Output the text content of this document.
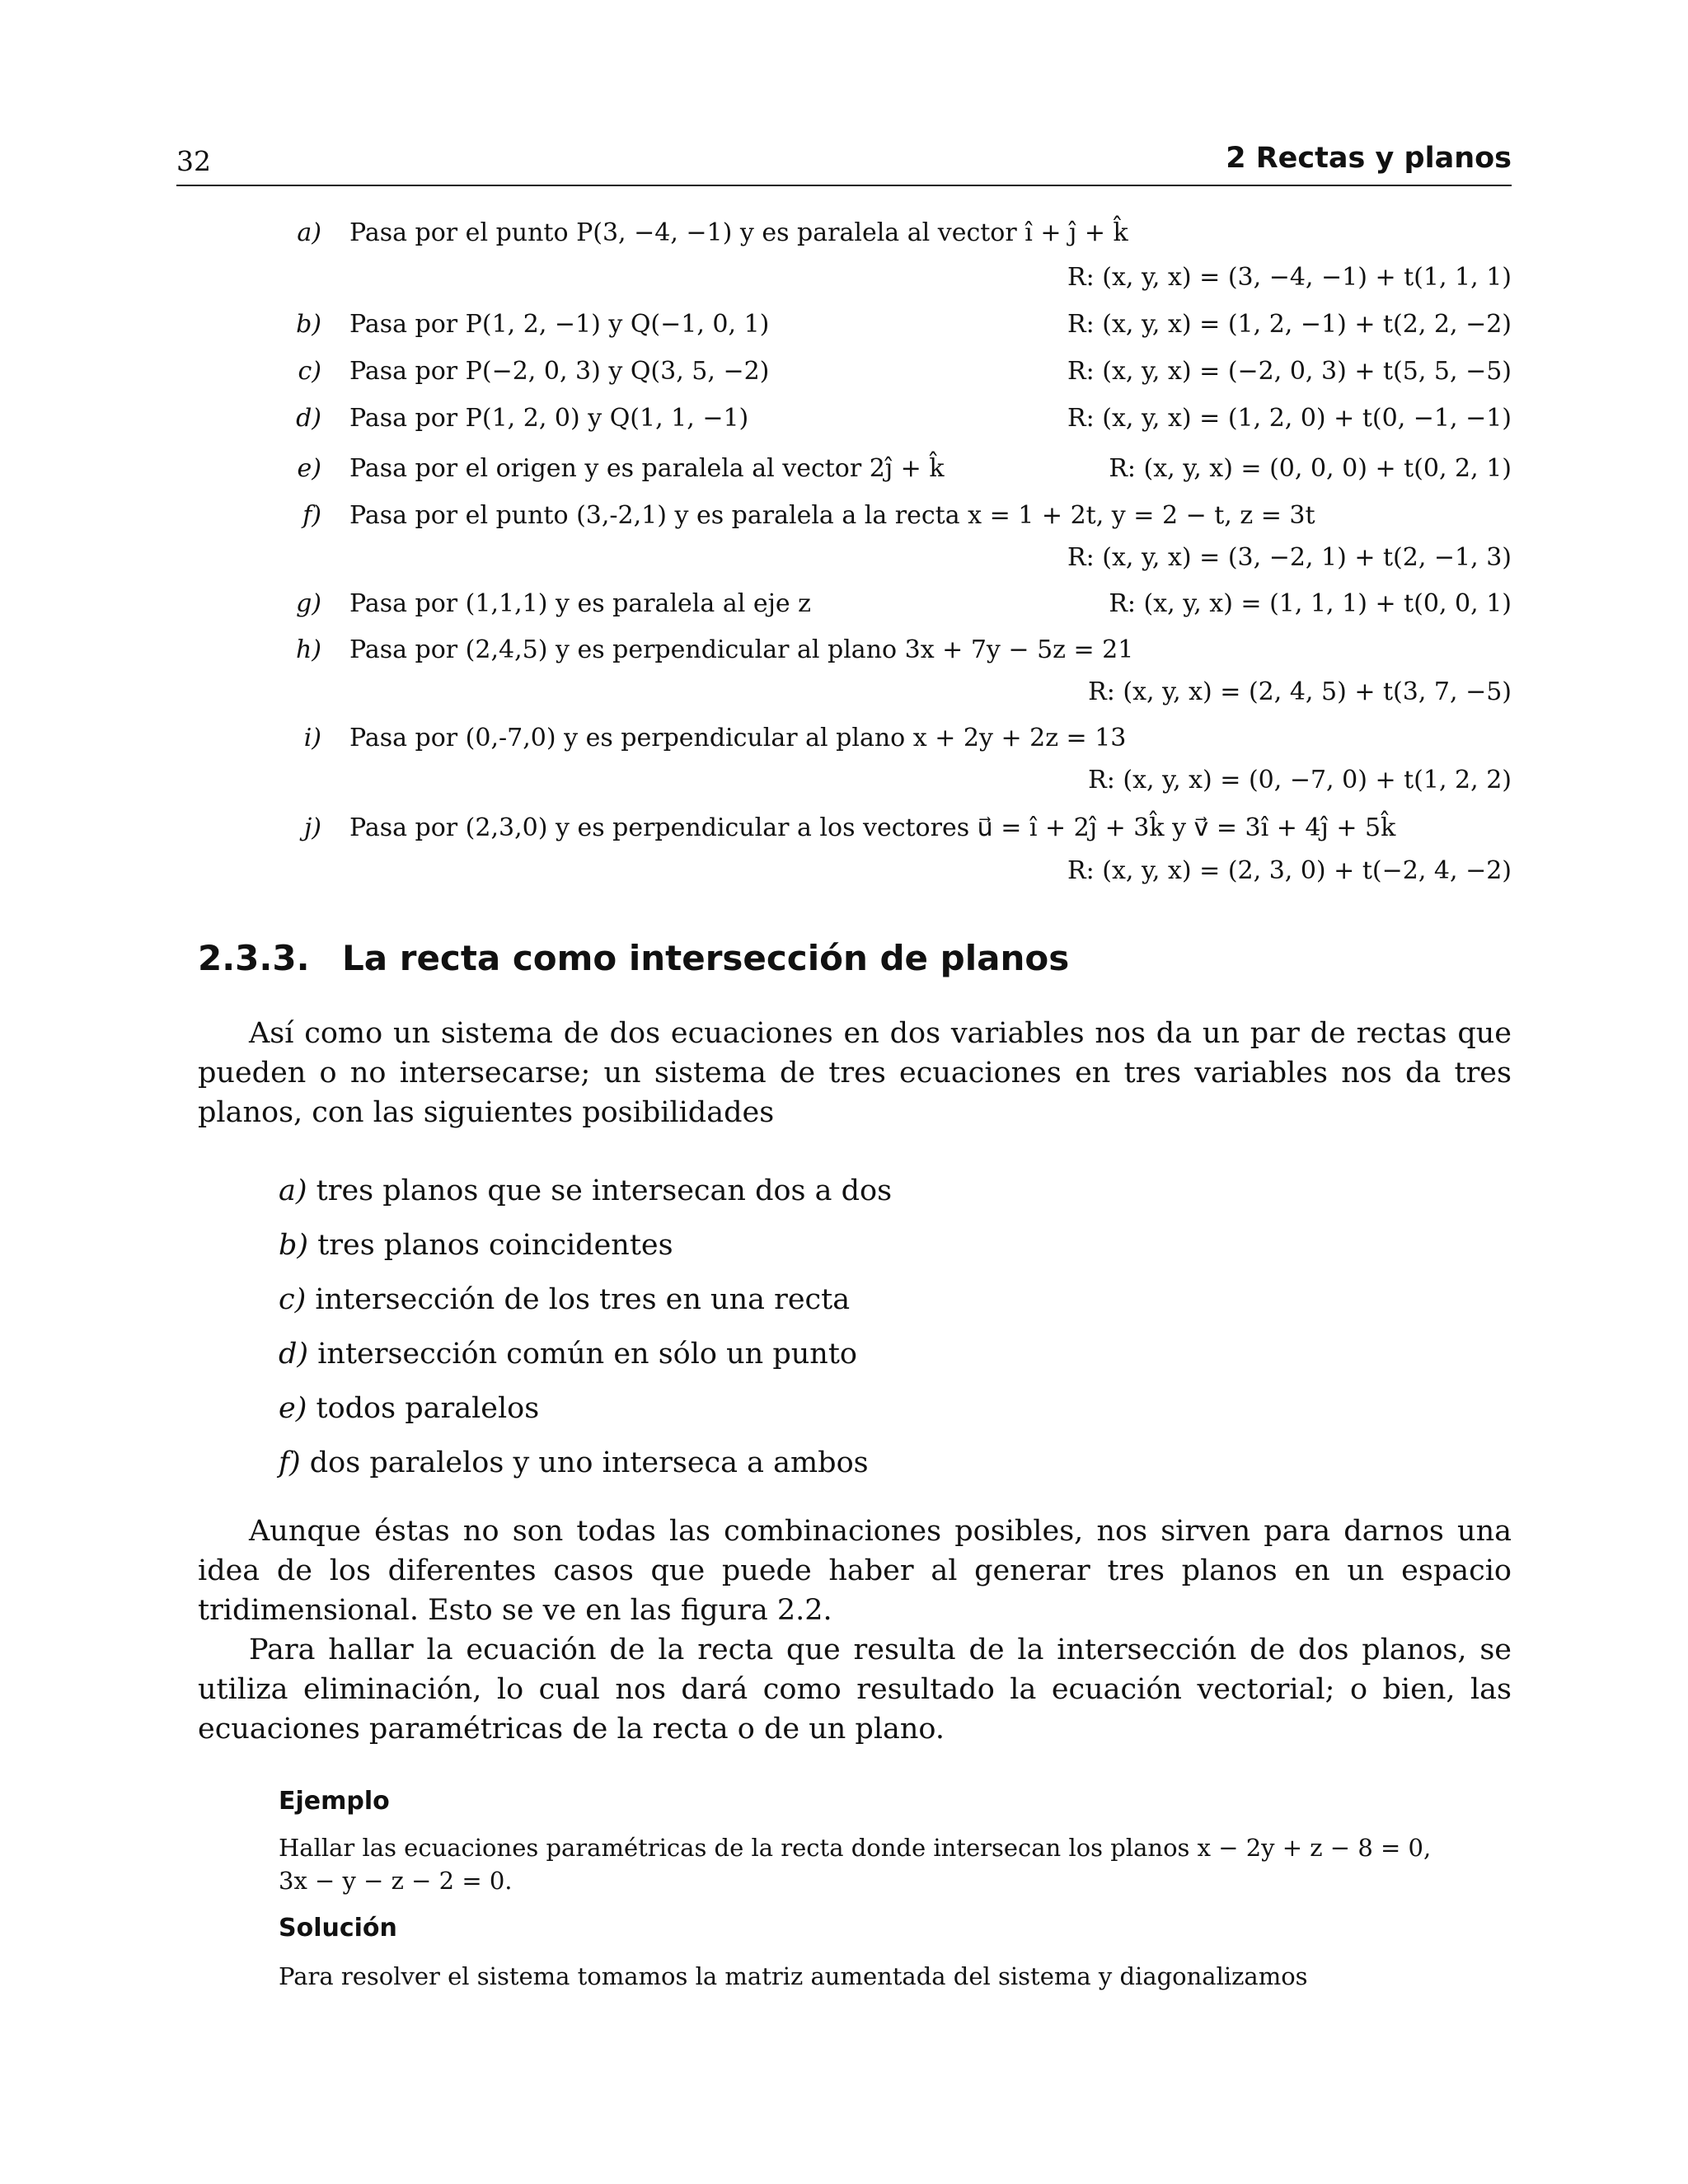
32	2 Rectas y planos
a) Pasa por el punto P(3, −4, −1) y es paralela al vector î + ĵ + k̂
R: (x, y, x) = (3, −4, −1) + t(1, 1, 1)
b) Pasa por P(1, 2, −1) y Q(−1, 0, 1)	R: (x, y, x) = (1, 2, −1) + t(2, 2, −2)
c) Pasa por P(−2, 0, 3) y Q(3, 5, −2)	R: (x, y, x) = (−2, 0, 3) + t(5, 5, −5)
d) Pasa por P(1, 2, 0) y Q(1, 1, −1)	R: (x, y, x) = (1, 2, 0) + t(0, −1, −1)
e) Pasa por el origen y es paralela al vector 2ĵ + k̂	R: (x, y, x) = (0, 0, 0) + t(0, 2, 1)
f) Pasa por el punto (3,-2,1) y es paralela a la recta x = 1 + 2t, y = 2 − t, z = 3t
R: (x, y, x) = (3, −2, 1) + t(2, −1, 3)
g) Pasa por (1,1,1) y es paralela al eje z	R: (x, y, x) = (1, 1, 1) + t(0, 0, 1)
h) Pasa por (2,4,5) y es perpendicular al plano 3x + 7y − 5z = 21
R: (x, y, x) = (2, 4, 5) + t(3, 7, −5)
i) Pasa por (0,-7,0) y es perpendicular al plano x + 2y + 2z = 13
R: (x, y, x) = (0, −7, 0) + t(1, 2, 2)
j) Pasa por (2,3,0) y es perpendicular a los vectores u⃗ = î + 2ĵ + 3k̂ y v⃗ = 3î + 4ĵ + 5k̂
R: (x, y, x) = (2, 3, 0) + t(−2, 4, −2)
2.3.3. La recta como intersección de planos

Así como un sistema de dos ecuaciones en dos variables nos da un par de rectas que pueden o no intersecarse; un sistema de tres ecuaciones en tres variables nos da tres planos, con las siguientes posibilidades

a) tres planos que se intersecan dos a dos
b) tres planos coincidentes
c) intersección de los tres en una recta
d) intersección común en sólo un punto
e) todos paralelos
f) dos paralelos y uno interseca a ambos

Aunque éstas no son todas las combinaciones posibles, nos sirven para darnos una idea de los diferentes casos que puede haber al generar tres planos en un espacio tridimensional. Esto se ve en las figura 2.2.

Para hallar la ecuación de la recta que resulta de la intersección de dos planos, se utiliza eliminación, lo cual nos dará como resultado la ecuación vectorial; o bien, las ecuaciones paramétricas de la recta o de un plano.

Ejemplo
Hallar las ecuaciones paramétricas de la recta donde intersecan los planos x − 2y + z − 8 = 0, 3x − y − z − 2 = 0.
Solución
Para resolver el sistema tomamos la matriz aumentada del sistema y diagonalizamos
